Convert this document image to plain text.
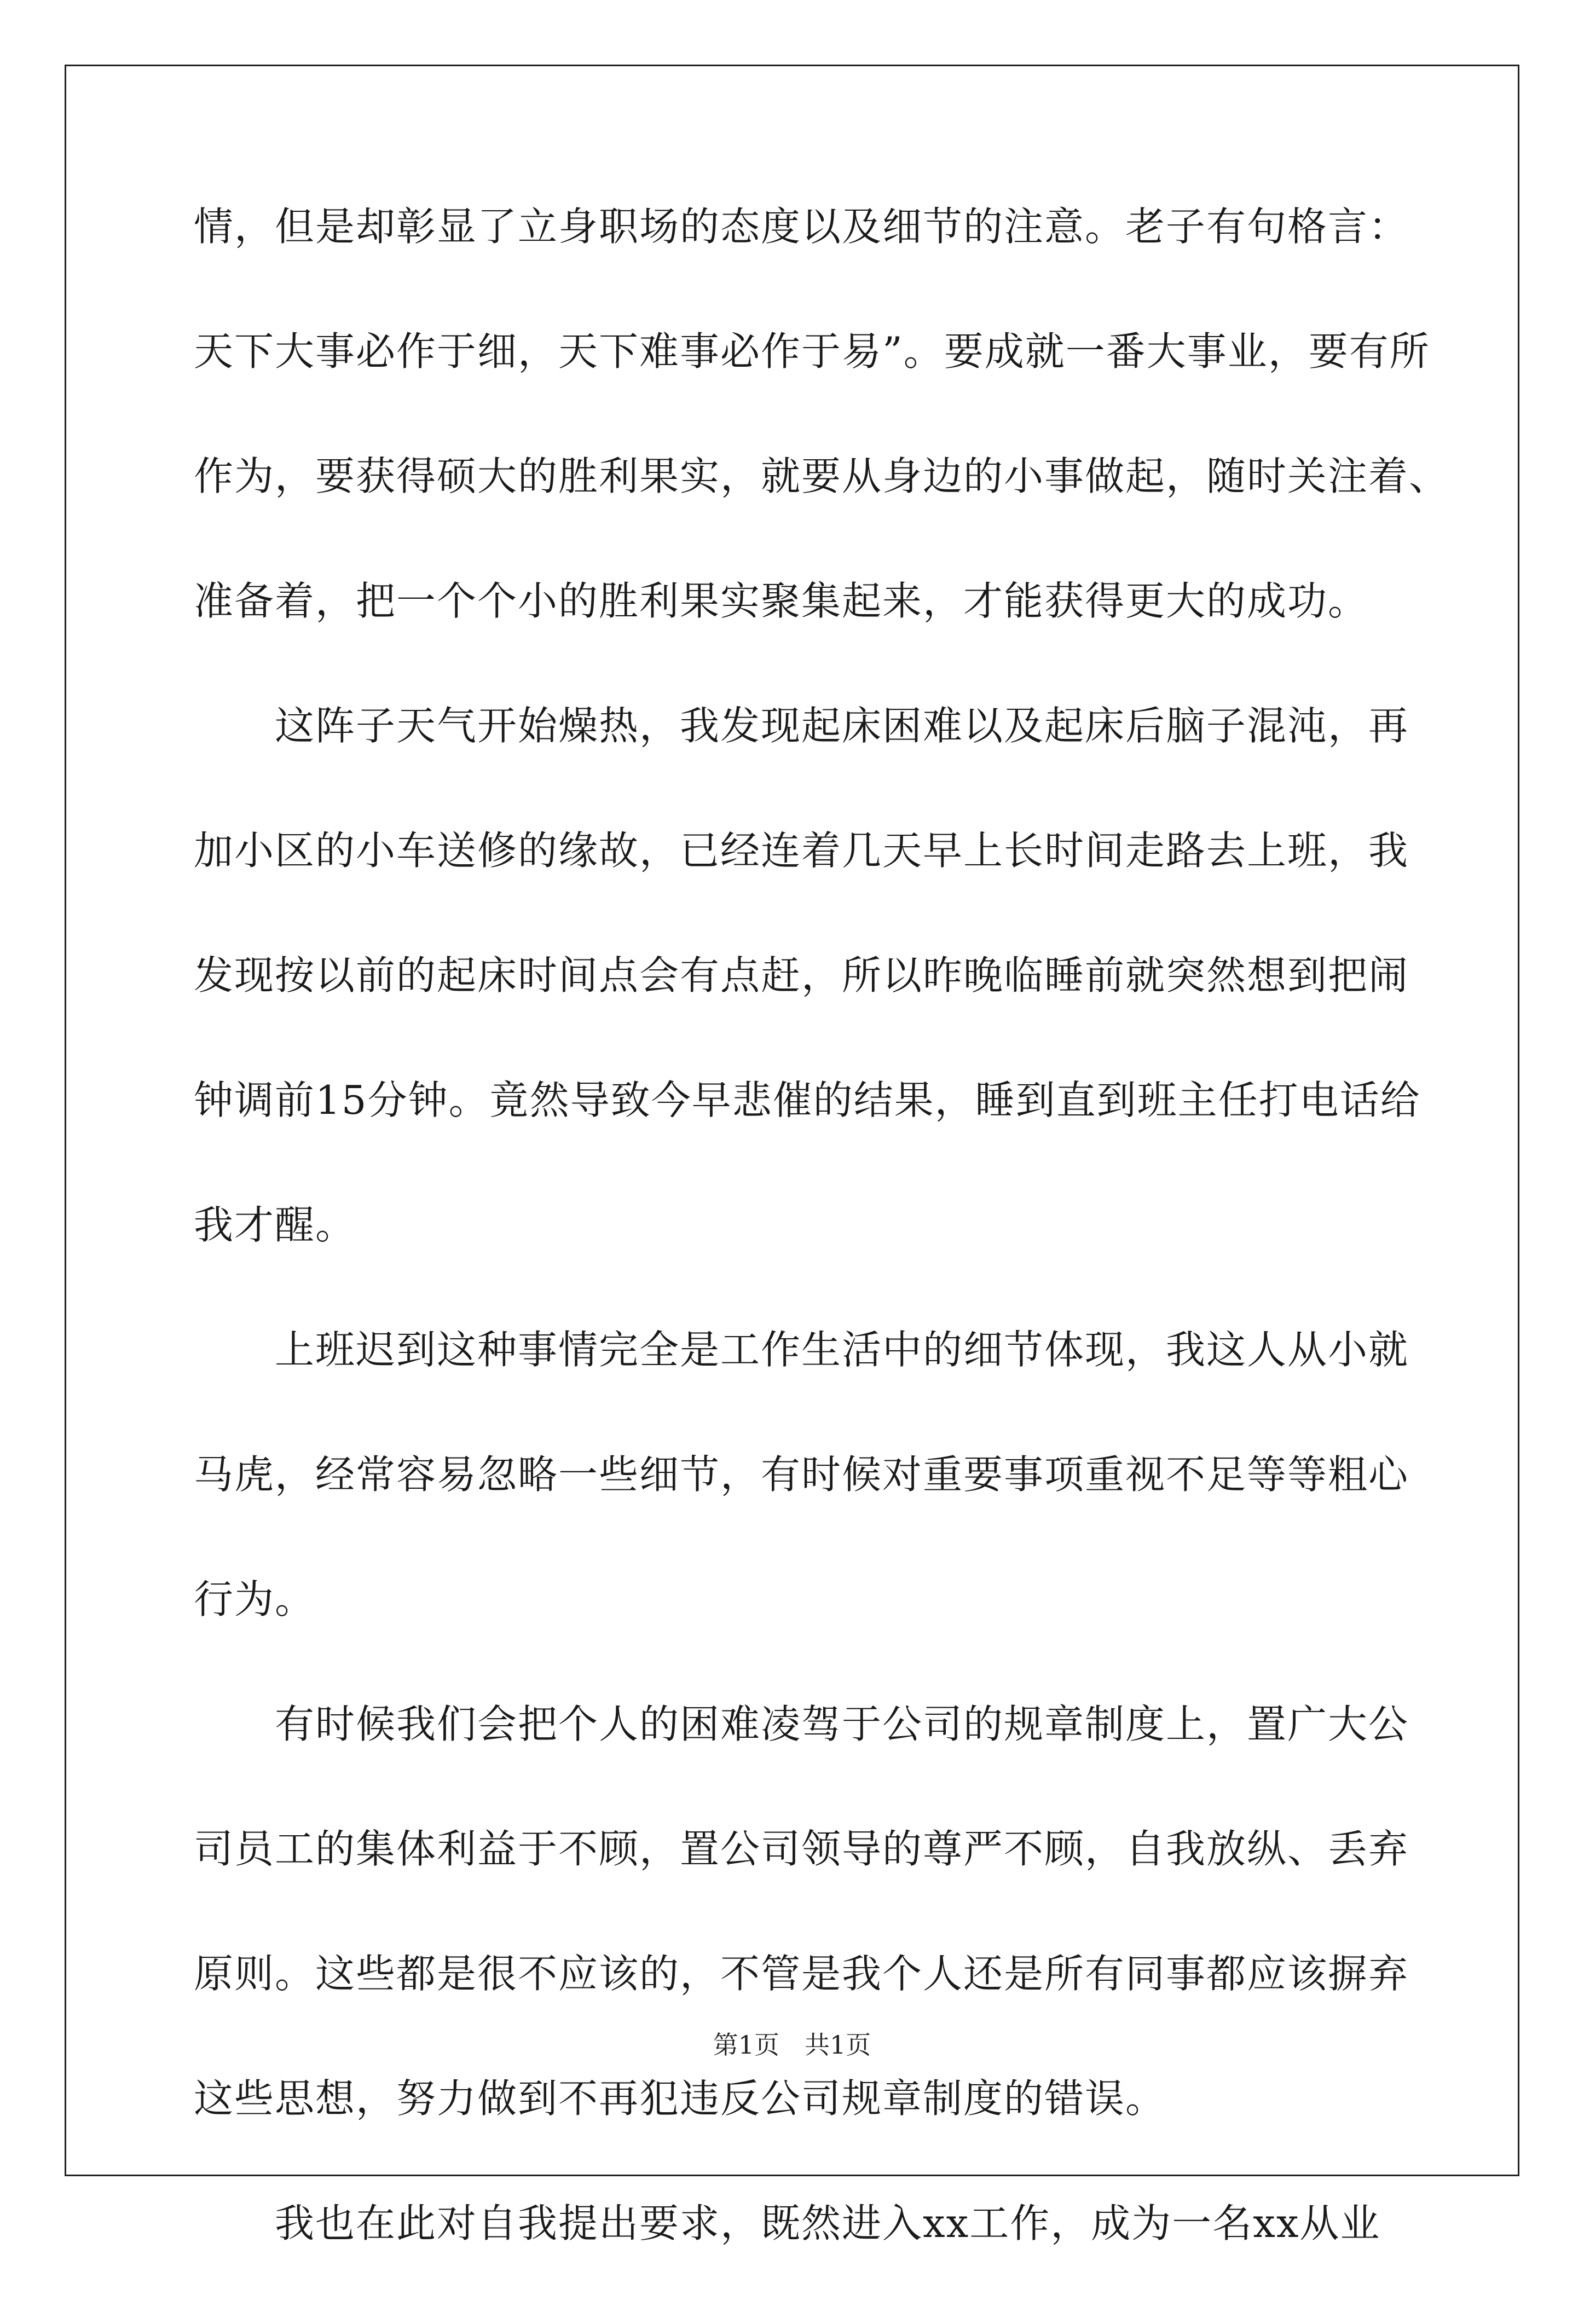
情，但是却彰显了立身职场的态度以及细节的注意。老子有句格言：
天下大事必作于细，天下难事必作于易”。要成就一番大事业，要有所
作为，要获得硕大的胜利果实，就要从身边的小事做起，随时关注着、
准备着，把一个个小的胜利果实聚集起来，才能获得更大的成功。
这阵子天气开始燥热，我发现起床困难以及起床后脑子混沌，再
加小区的小车送修的缘故，已经连着几天早上长时间走路去上班，我
发现按以前的起床时间点会有点赶，所以昨晚临睡前就突然想到把闹
钟调前15分钟。竟然导致今早悲催的结果，睡到直到班主任打电话给
我才醒。
上班迟到这种事情完全是工作生活中的细节体现，我这人从小就
马虎，经常容易忽略一些细节，有时候对重要事项重视不足等等粗心
行为。
有时候我们会把个人的困难凌驾于公司的规章制度上，置广大公
司员工的集体利益于不顾，置公司领导的尊严不顾，自我放纵、丢弃
原则。这些都是很不应该的，不管是我个人还是所有同事都应该摒弃
这些思想，努力做到不再犯违反公司规章制度的错误。
我也在此对自我提出要求，既然进入xx工作，成为一名xx从业
第1页 共1页
